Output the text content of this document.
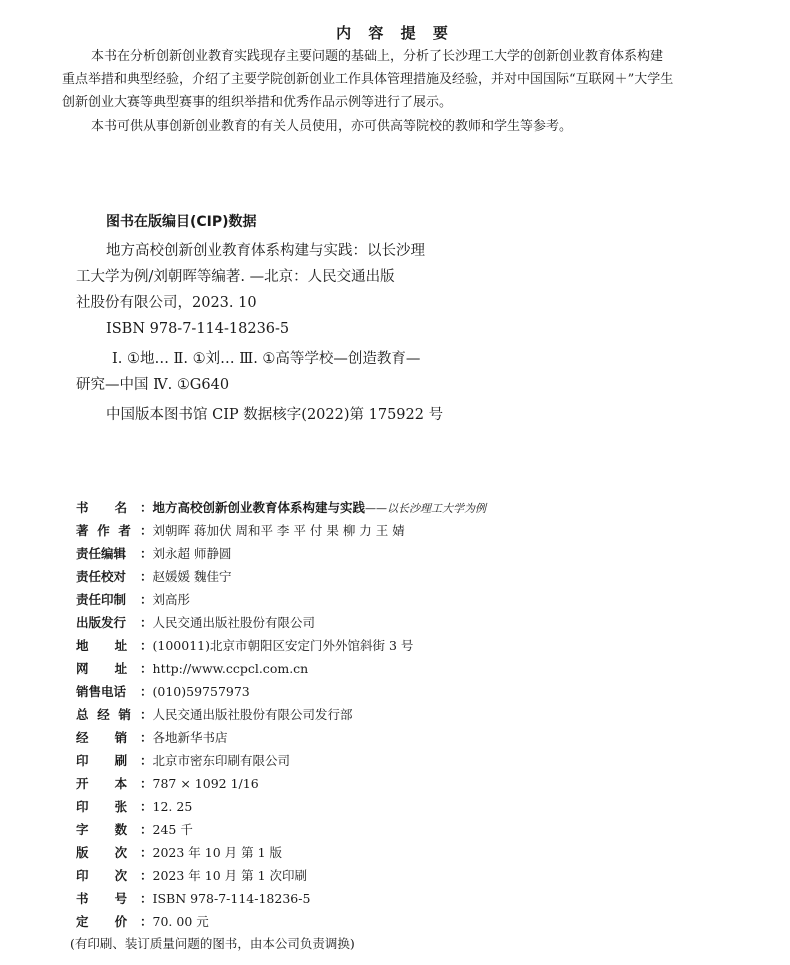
内 容 提 要
本书在分析创新创业教育实践现存主要问题的基础上，分析了长沙理工大学的创新创业教育体系构建
重点举措和典型经验，介绍了主要学院创新创业工作具体管理措施及经验，并对中国国际“互联网＋”大学生
创新创业大赛等典型赛事的组织举措和优秀作品示例等进行了展示。
本书可供从事创新创业教育的有关人员使用，亦可供高等院校的教师和学生等参考。
图书在版编目(CIP)数据
地方高校创新创业教育体系构建与实践：以长沙理
工大学为例/刘朝晖等编著. —北京：人民交通出版
社股份有限公司，2023. 10
ISBN 978-7-114-18236-5
Ⅰ. ①地… Ⅱ. ①刘… Ⅲ. ①高等学校—创造教育—
研究—中国 Ⅳ. ①G640
中国版本图书馆 CIP 数据核字(2022)第 175922 号
书      名 ：地方高校创新创业教育体系构建与实践——以长沙理工大学为例
著  作  者 ：刘朝晖 蒋加伏 周和平 李 平 付 果 柳 力 王 婧
责任编辑 ：刘永超 师静圆
责任校对 ：赵媛媛 魏佳宁
责任印制 ：刘高彤
出版发行 ：人民交通出版社股份有限公司
地      址 ：(100011)北京市朝阳区安定门外外馆斜街 3 号
网      址 ：http://www.ccpcl.com.cn
销售电话 ：(010)59757973
总  经  销 ：人民交通出版社股份有限公司发行部
经      销 ：各地新华书店
印      刷 ：北京市密东印刷有限公司
开      本 ：787 × 1092 1/16
印      张 ：12. 25
字      数 ：245 千
版      次 ：2023 年 10 月 第 1 版
印      次 ：2023 年 10 月 第 1 次印刷
书      号 ：ISBN 978-7-114-18236-5
定      价 ：70. 00 元
(有印刷、装订质量问题的图书，由本公司负责调换)
